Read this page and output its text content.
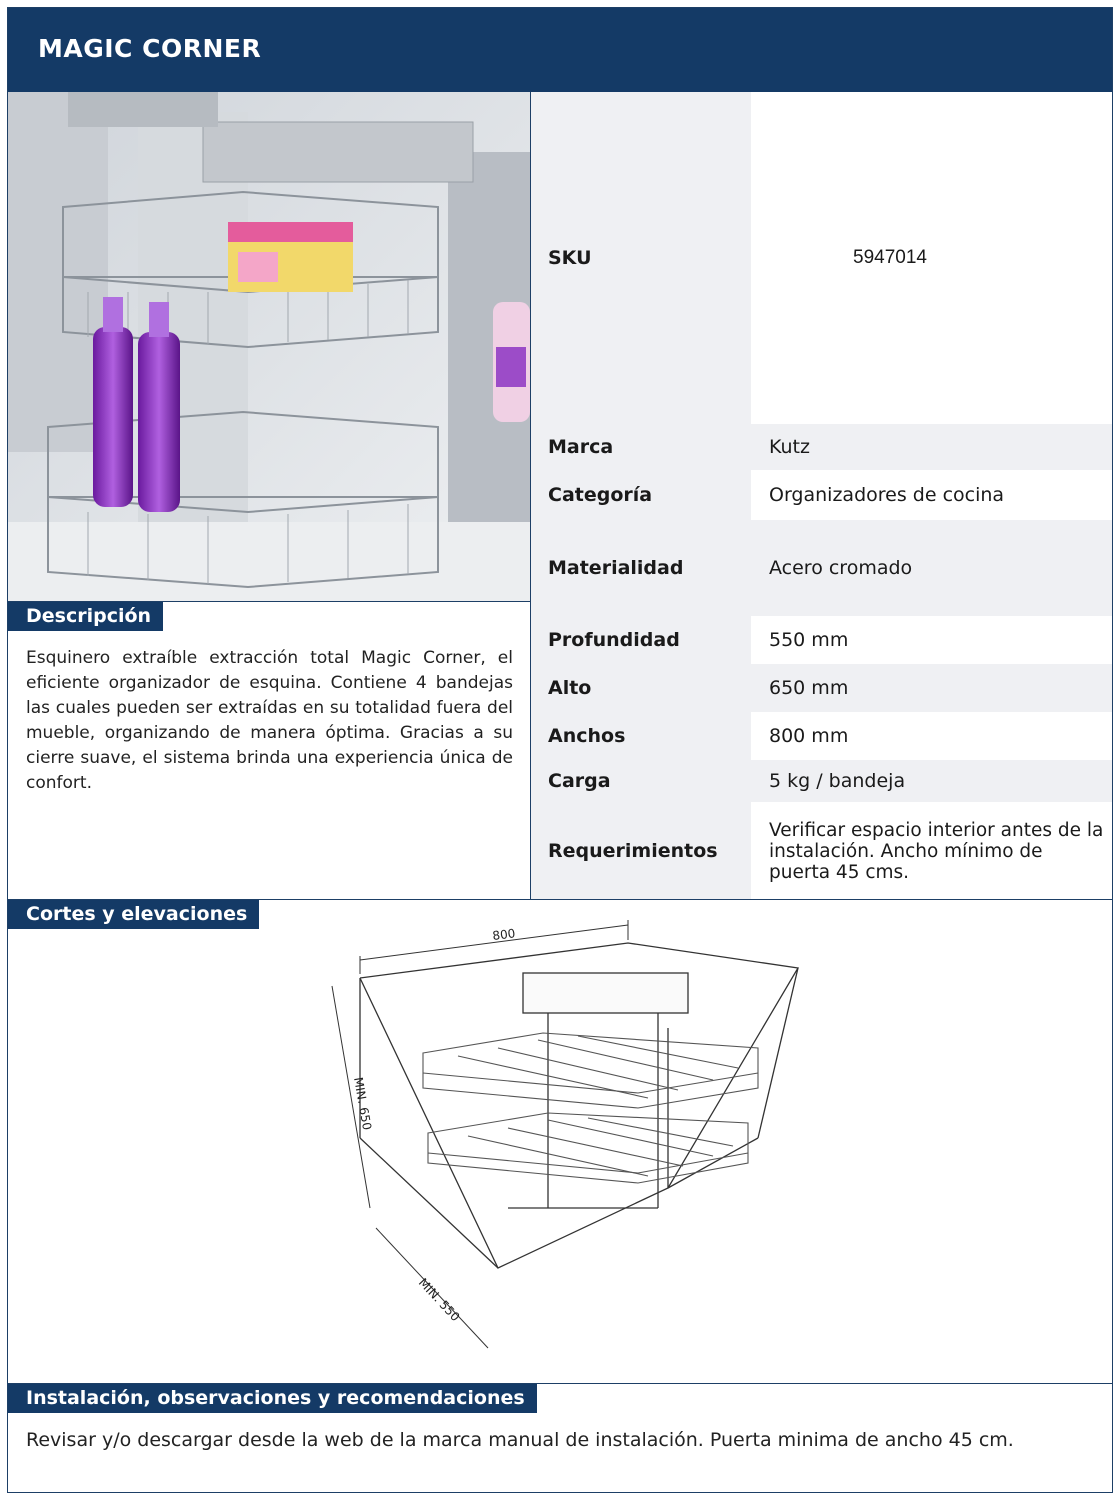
MAGIC CORNER
Descripción

Esquinero extraíble extracción total Magic Corner, el eficiente organizador de esquina. Contiene 4 bandejas las cuales pueden ser extraídas en su totalidad fuera del mueble, organizando de manera óptima. Gracias a su cierre suave, el sistema brinda una experiencia única de confort.

SKU	5947014
Marca	Kutz
Categoría	Organizadores de cocina
Materialidad	Acero cromado
Profundidad	550 mm
Alto	650 mm
Anchos	800 mm
Carga	5 kg / bandeja
Requerimientos
Verificar espacio interior antes de la instalación. Ancho mínimo de puerta 45 cms.
Cortes y elevaciones
800
MIN. 650
MIN. 550
Instalación, observaciones y recomendaciones

Revisar y/o descargar desde la web de la marca manual de instalación. Puerta minima de ancho 45 cm.
